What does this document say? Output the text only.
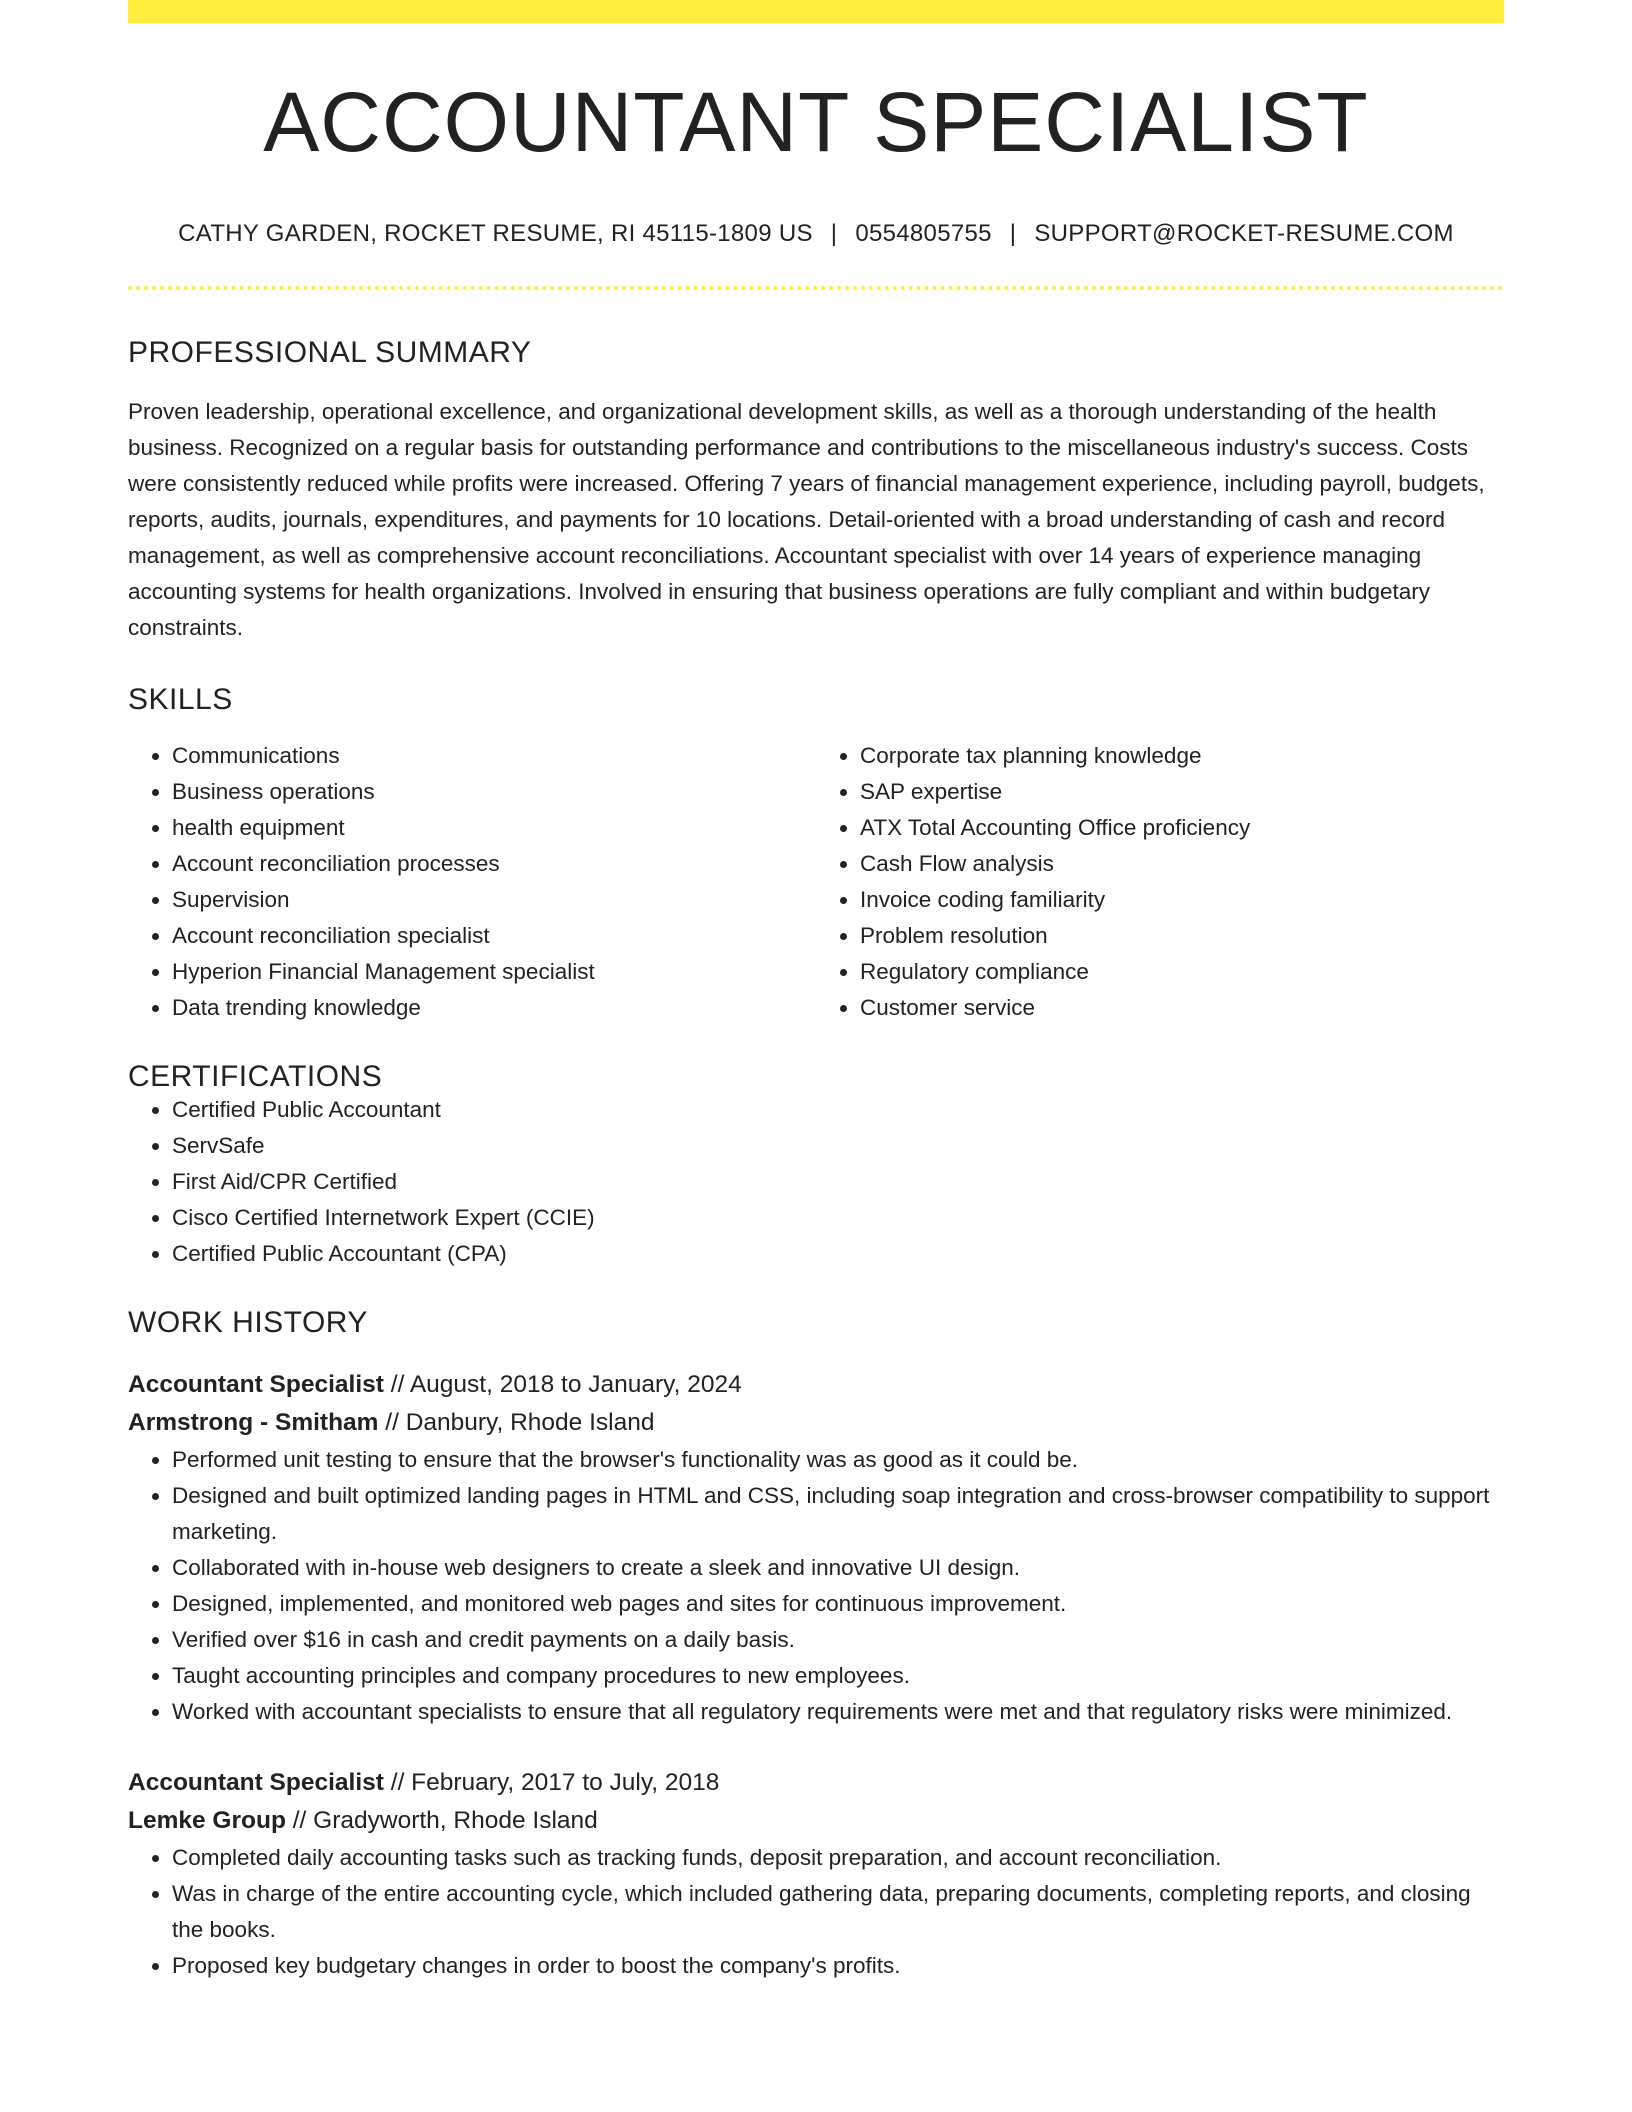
ACCOUNTANT SPECIALIST
CATHY GARDEN, ROCKET RESUME, RI 45115-1809 US | 0554805755 | SUPPORT@ROCKET-RESUME.COM
PROFESSIONAL SUMMARY

Proven leadership, operational excellence, and organizational development skills, as well as a thorough understanding of the health business. Recognized on a regular basis for outstanding performance and contributions to the miscellaneous industry's success. Costs were consistently reduced while profits were increased. Offering 7 years of financial management experience, including payroll, budgets, reports, audits, journals, expenditures, and payments for 10 locations. Detail-oriented with a broad understanding of cash and record management, as well as comprehensive account reconciliations. Accountant specialist with over 14 years of experience managing accounting systems for health organizations. Involved in ensuring that business operations are fully compliant and within budgetary constraints.

SKILLS
• Communications
• Business operations
• health equipment
• Account reconciliation processes
• Supervision
• Account reconciliation specialist
• Hyperion Financial Management specialist
• Data trending knowledge
• Corporate tax planning knowledge
• SAP expertise
• ATX Total Accounting Office proficiency
• Cash Flow analysis
• Invoice coding familiarity
• Problem resolution
• Regulatory compliance
• Customer service
CERTIFICATIONS
• Certified Public Accountant
• ServSafe
• First Aid/CPR Certified
• Cisco Certified Internetwork Expert (CCIE)
• Certified Public Accountant (CPA)
WORK HISTORY
Accountant Specialist // August, 2018 to January, 2024
Armstrong - Smitham // Danbury, Rhode Island
• Performed unit testing to ensure that the browser's functionality was as good as it could be.
• Designed and built optimized landing pages in HTML and CSS, including soap integration and cross-browser compatibility to support marketing.
• Collaborated with in-house web designers to create a sleek and innovative UI design.
• Designed, implemented, and monitored web pages and sites for continuous improvement.
• Verified over $16 in cash and credit payments on a daily basis.
• Taught accounting principles and company procedures to new employees.
• Worked with accountant specialists to ensure that all regulatory requirements were met and that regulatory risks were minimized.
Accountant Specialist // February, 2017 to July, 2018
Lemke Group // Gradyworth, Rhode Island
• Completed daily accounting tasks such as tracking funds, deposit preparation, and account reconciliation.
• Was in charge of the entire accounting cycle, which included gathering data, preparing documents, completing reports, and closing the books.
• Proposed key budgetary changes in order to boost the company's profits.
